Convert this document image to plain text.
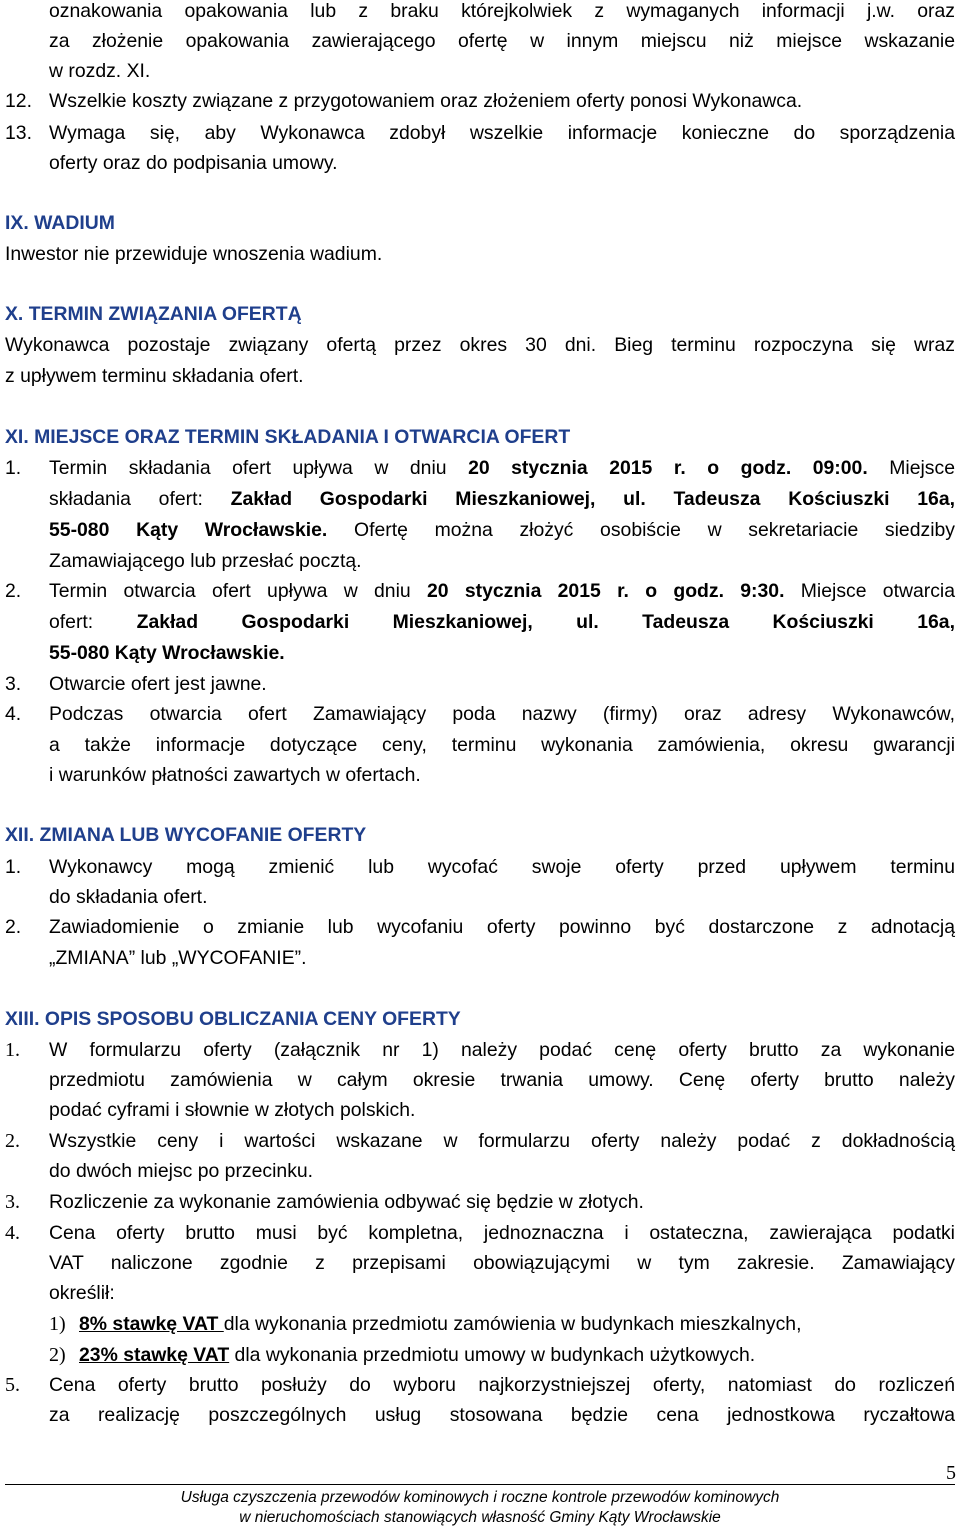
oznakowania opakowania lub z braku którejkolwiek z wymaganych informacji j.w. oraz
za złożenie opakowania zawierającego ofertę w innym miejscu niż miejsce wskazanie
w rozdz. XI.
12. Wszelkie koszty związane z przygotowaniem oraz złożeniem oferty ponosi Wykonawca.
13. Wymaga się, aby Wykonawca zdobył wszelkie informacje konieczne do sporządzenia
oferty oraz do podpisania umowy.
IX. WADIUM
Inwestor nie przewiduje wnoszenia wadium.
X. TERMIN ZWIĄZANIA OFERTĄ
Wykonawca pozostaje związany ofertą przez okres 30 dni. Bieg terminu rozpoczyna się wraz
z upływem terminu składania ofert.
XI. MIEJSCE ORAZ TERMIN SKŁADANIA I OTWARCIA OFERT
1. Termin składania ofert upływa w dniu 20 stycznia 2015 r. o godz. 09:00. Miejsce
składania ofert: Zakład Gospodarki Mieszkaniowej, ul. Tadeusza Kościuszki 16a,
55-080 Kąty Wrocławskie. Ofertę można złożyć osobiście w sekretariacie siedziby
Zamawiającego lub przesłać pocztą.
2. Termin otwarcia ofert upływa w dniu 20 stycznia 2015 r. o godz. 9:30. Miejsce otwarcia
ofert: Zakład Gospodarki Mieszkaniowej, ul. Tadeusza Kościuszki 16a,
55-080 Kąty Wrocławskie.
3. Otwarcie ofert jest jawne.
4. Podczas otwarcia ofert Zamawiający poda nazwy (firmy) oraz adresy Wykonawców,
a także informacje dotyczące ceny, terminu wykonania zamówienia, okresu gwarancji
i warunków płatności zawartych w ofertach.
XII. ZMIANA LUB WYCOFANIE OFERTY
1. Wykonawcy mogą zmienić lub wycofać swoje oferty przed upływem terminu
do składania ofert.
2. Zawiadomienie o zmianie lub wycofaniu oferty powinno być dostarczone z adnotacją
„ZMIANA” lub „WYCOFANIE”.
XIII. OPIS SPOSOBU OBLICZANIA CENY OFERTY
1. W formularzu oferty (załącznik nr 1) należy podać cenę oferty brutto za wykonanie
przedmiotu zamówienia w całym okresie trwania umowy. Cenę oferty brutto należy
podać cyframi i słownie w złotych polskich.
2. Wszystkie ceny i wartości wskazane w formularzu oferty należy podać z dokładnością
do dwóch miejsc po przecinku.
3. Rozliczenie za wykonanie zamówienia odbywać się będzie w złotych.
4. Cena oferty brutto musi być kompletna, jednoznaczna i ostateczna, zawierająca podatki
VAT naliczone zgodnie z przepisami obowiązującymi w tym zakresie. Zamawiający
określił:
1) 8% stawkę VAT dla wykonania przedmiotu zamówienia w budynkach mieszkalnych,
2) 23% stawkę VAT dla wykonania przedmiotu umowy w budynkach użytkowych.
5. Cena oferty brutto posłuży do wyboru najkorzystniejszej oferty, natomiast do rozliczeń
za realizację poszczególnych usług stosowana będzie cena jednostkowa ryczałtowa
5
Usługa czyszczenia przewodów kominowych i roczne kontrole przewodów kominowych
w nieruchomościach stanowiących własność Gminy Kąty Wrocławskie
